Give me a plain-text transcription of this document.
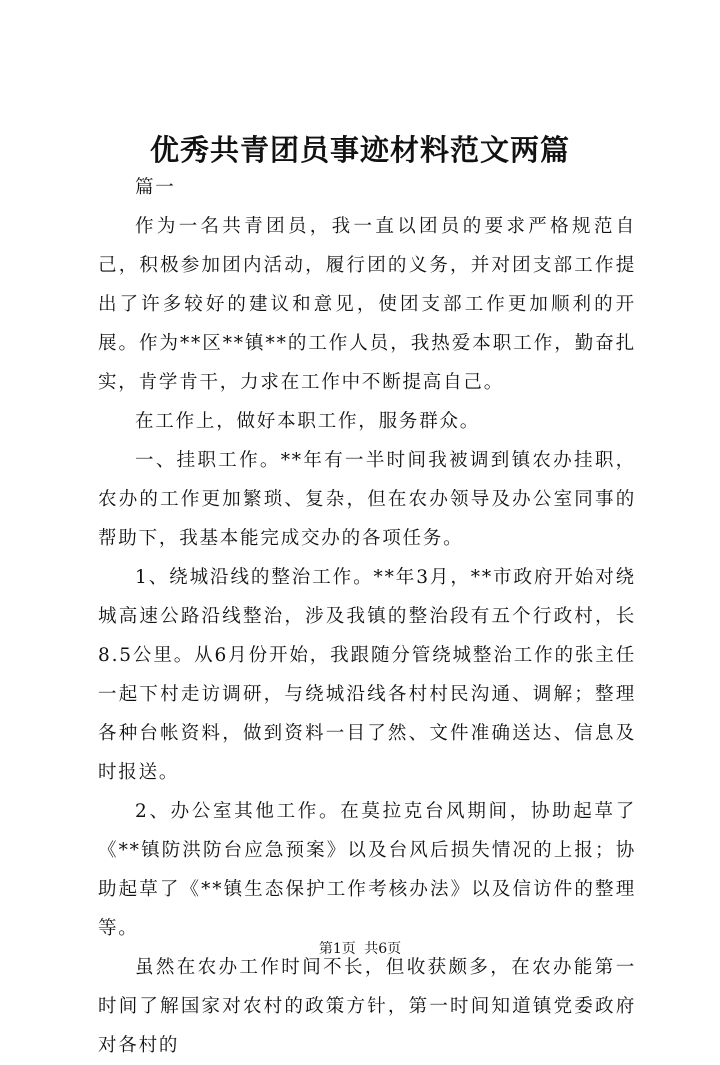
优秀共青团员事迹材料范文两篇

篇一

作为一名共青团员，我一直以团员的要求严格规范自己，积极参加团内活动，履行团的义务，并对团支部工作提出了许多较好的建议和意见，使团支部工作更加顺利的开展。作为**区**镇**的工作人员，我热爱本职工作，勤奋扎实，肯学肯干，力求在工作中不断提高自己。

在工作上，做好本职工作，服务群众。

一、挂职工作。**年有一半时间我被调到镇农办挂职，农办的工作更加繁琐、复杂，但在农办领导及办公室同事的帮助下，我基本能完成交办的各项任务。

1、绕城沿线的整治工作。**年3月，**市政府开始对绕城高速公路沿线整治，涉及我镇的整治段有五个行政村，长8.5公里。从6月份开始，我跟随分管绕城整治工作的张主任一起下村走访调研，与绕城沿线各村村民沟通、调解；整理各种台帐资料，做到资料一目了然、文件准确送达、信息及时报送。

2、办公室其他工作。在莫拉克台风期间，协助起草了《**镇防洪防台应急预案》以及台风后损失情况的上报；协助起草了《**镇生态保护工作考核办法》以及信访件的整理等。

虽然在农办工作时间不长，但收获颇多，在农办能第一时间了解国家对农村的政策方针，第一时间知道镇党委政府对各村的

第1页 共6页
